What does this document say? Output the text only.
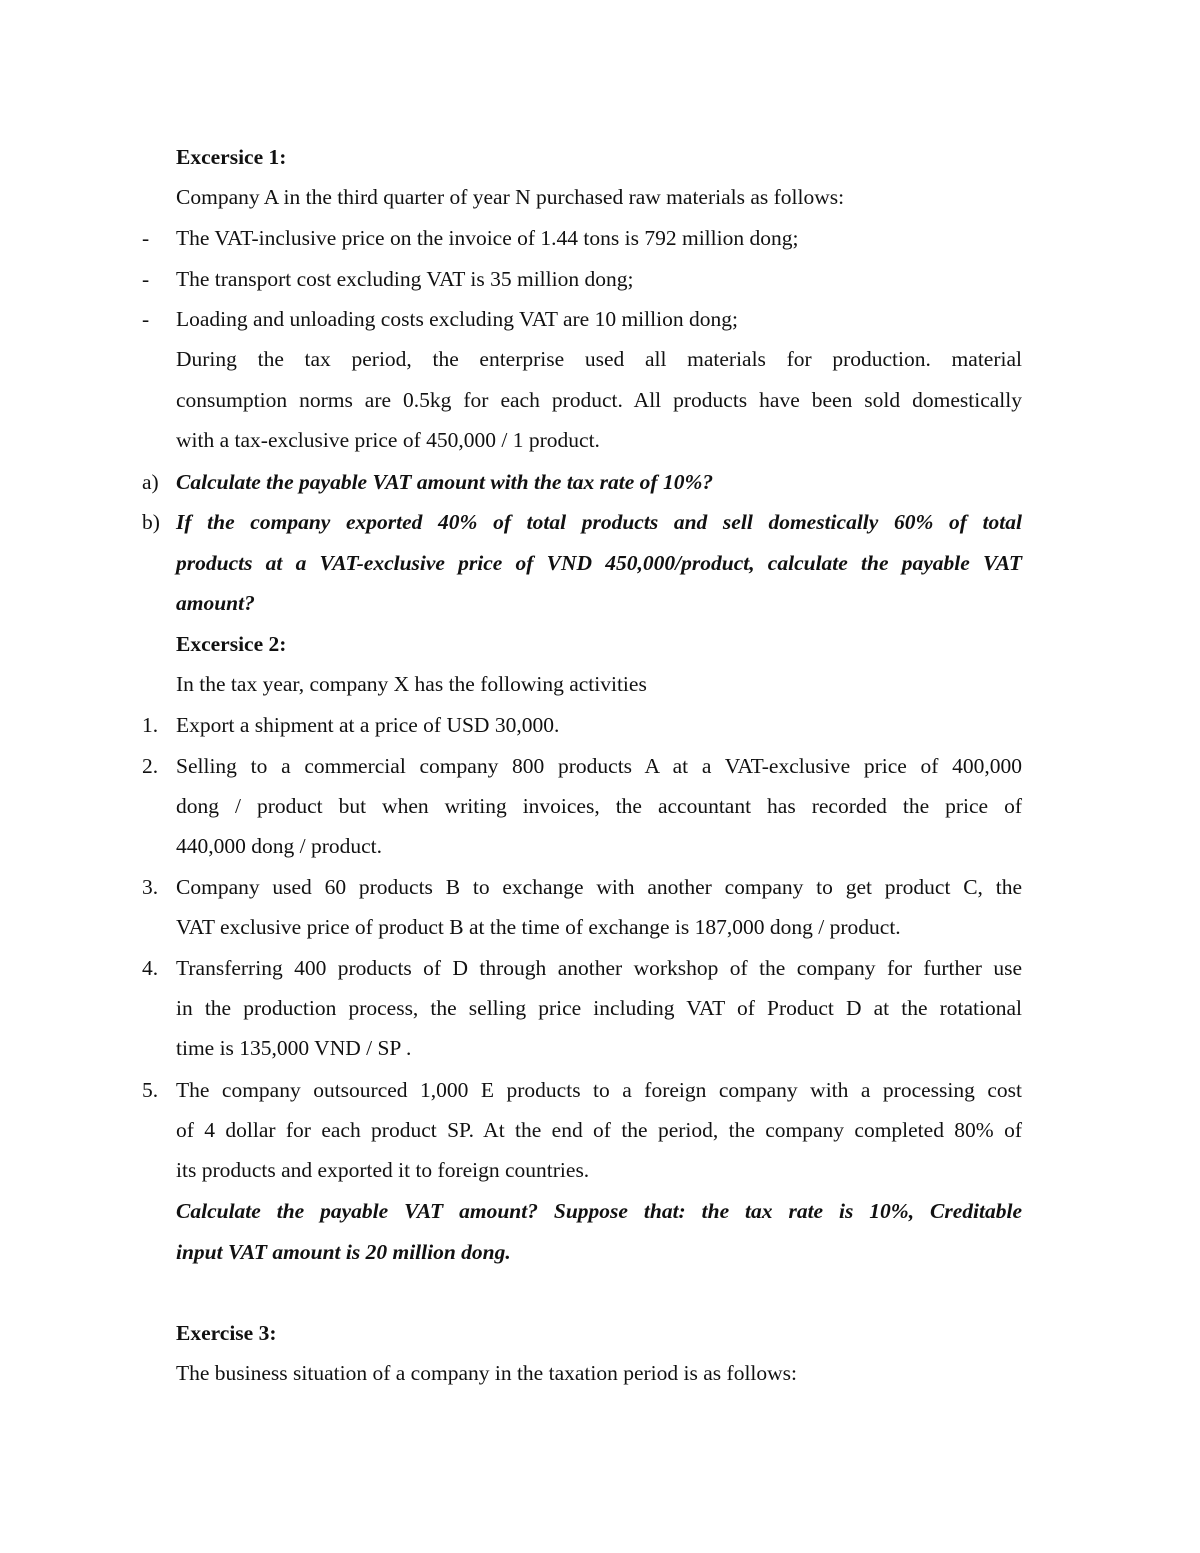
Excersice 1:
Company A in the third quarter of year N purchased raw materials as follows:
- The VAT-inclusive price on the invoice of 1.44 tons is 792 million dong;
- The transport cost excluding VAT is 35 million dong;
- Loading and unloading costs excluding VAT are 10 million dong;
During the tax period, the enterprise used all materials for production. material
consumption norms are 0.5kg for each product. All products have been sold domestically
with a tax-exclusive price of 450,000 / 1 product.
a) Calculate the payable VAT amount with the tax rate of 10%?
b) If the company exported 40% of total products and sell domestically 60% of total
products at a VAT-exclusive price of VND 450,000/product, calculate the payable VAT
amount?
Excersice 2:
In the tax year, company X has the following activities
1. Export a shipment at a price of USD 30,000.
2. Selling to a commercial company 800 products A at a VAT-exclusive price of 400,000
dong / product but when writing invoices, the accountant has recorded the price of
440,000 dong / product.
3. Company used 60 products B to exchange with another company to get product C, the
VAT exclusive price of product B at the time of exchange is 187,000 dong / product.
4. Transferring 400 products of D through another workshop of the company for further use
in the production process, the selling price including VAT of Product D at the rotational
time is 135,000 VND / SP .
5. The company outsourced 1,000 E products to a foreign company with a processing cost
of 4 dollar for each product SP. At the end of the period, the company completed 80% of
its products and exported it to foreign countries.
Calculate the payable VAT amount? Suppose that: the tax rate is 10%, Creditable
input VAT amount is 20 million dong.
Exercise 3:
The business situation of a company in the taxation period is as follows:
